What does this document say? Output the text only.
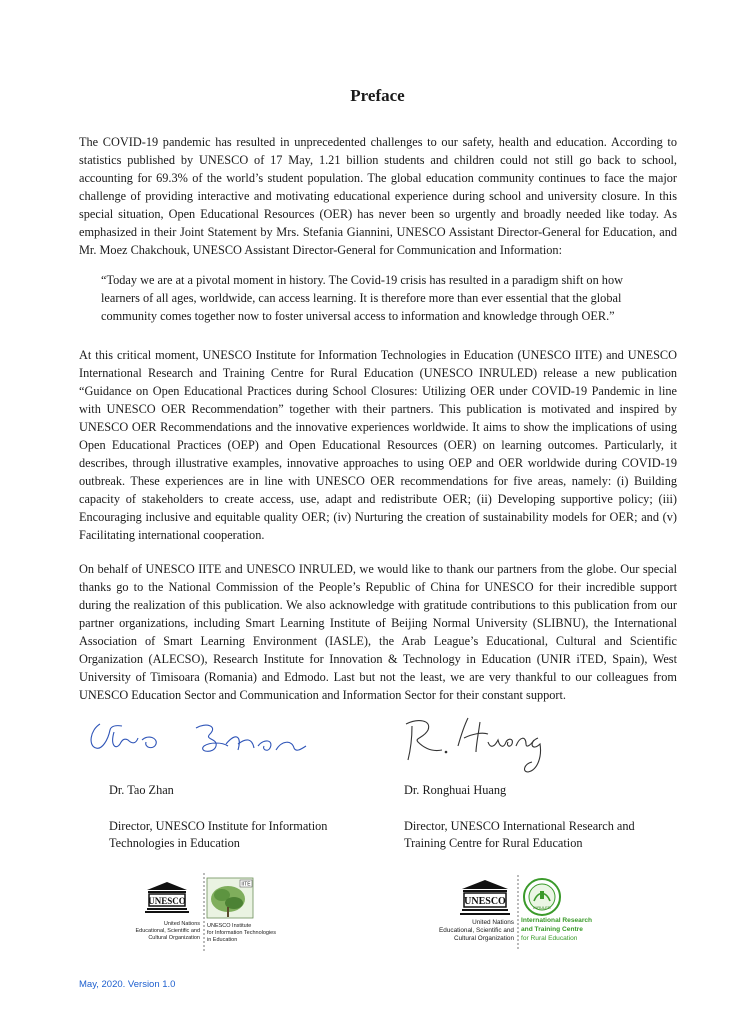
Preface

The COVID-19 pandemic has resulted in unprecedented challenges to our safety, health and education. According to statistics published by UNESCO of 17 May, 1.21 billion students and children could not still go back to school, accounting for 69.3% of the world’s student population. The global education community continues to face the major challenge of providing interactive and motivating educational experience during school and university closure. In this special situation, Open Educational Resources (OER) has never been so urgently and broadly needed like today. As emphasized in their Joint Statement by Mrs. Stefania Giannini, UNESCO Assistant Director-General for Education, and Mr. Moez Chakchouk, UNESCO Assistant Director-General for Communication and Information:

“Today we are at a pivotal moment in history. The Covid-19 crisis has resulted in a paradigm shift on how learners of all ages, worldwide, can access learning. It is therefore more than ever essential that the global community comes together now to foster universal access to information and knowledge through OER.”

At this critical moment, UNESCO Institute for Information Technologies in Education (UNESCO IITE) and UNESCO International Research and Training Centre for Rural Education (UNESCO INRULED) release a new publication “Guidance on Open Educational Practices during School Closures: Utilizing OER under COVID-19 Pandemic in line with UNESCO OER Recommendation” together with their partners. This publication is motivated and inspired by UNESCO OER Recommendations and the innovative experiences worldwide. It aims to show the implications of using Open Educational Practices (OEP) and Open Educational Resources (OER) on learning outcomes. Particularly, it describes, through illustrative examples, innovative approaches to using OEP and OER worldwide during COVID-19 outbreak. These experiences are in line with UNESCO OER recommendations for five areas, namely: (i) Building capacity of stakeholders to create access, use, adapt and redistribute OER; (ii) Developing supportive policy; (iii) Encouraging inclusive and equitable quality OER; (iv) Nurturing the creation of sustainability models for OER; and (v) Facilitating international cooperation.

On behalf of UNESCO IITE and UNESCO INRULED, we would like to thank our partners from the globe. Our special thanks go to the National Commission of the People’s Republic of China for UNESCO for their incredible support during the realization of this publication. We also acknowledge with gratitude contributions to this publication from our partner organizations, including Smart Learning Institute of Beijing Normal University (SLIBNU), the International Association of Smart Learning Environment (IASLE), the Arab League’s Educational, Cultural and Scientific Organization (ALECSO), Research Institute for Innovation & Technology in Education (UNIR iTED, Spain), West University of Timisoara (Romania) and Edmodo. Last but not the least, we are very thankful to our colleagues from UNESCO Education Sector and Communication and Information Sector for their constant support.

Dr. Tao Zhan

Director, UNESCO Institute for Information

Technologies in Education

Dr. Ronghuai Huang

Director, UNESCO International Research and

Training Centre for Rural Education

UNESCO

United Nations

Educational, Scientific and

Cultural Organization

IITE

UNESCO Institute

for Information Technologies

in Education

UNESCO

United Nations

Educational, Scientific and

Cultural Organization

INRULED

International Research

and Training Centre

for Rural Education

May, 2020. Version 1.0
